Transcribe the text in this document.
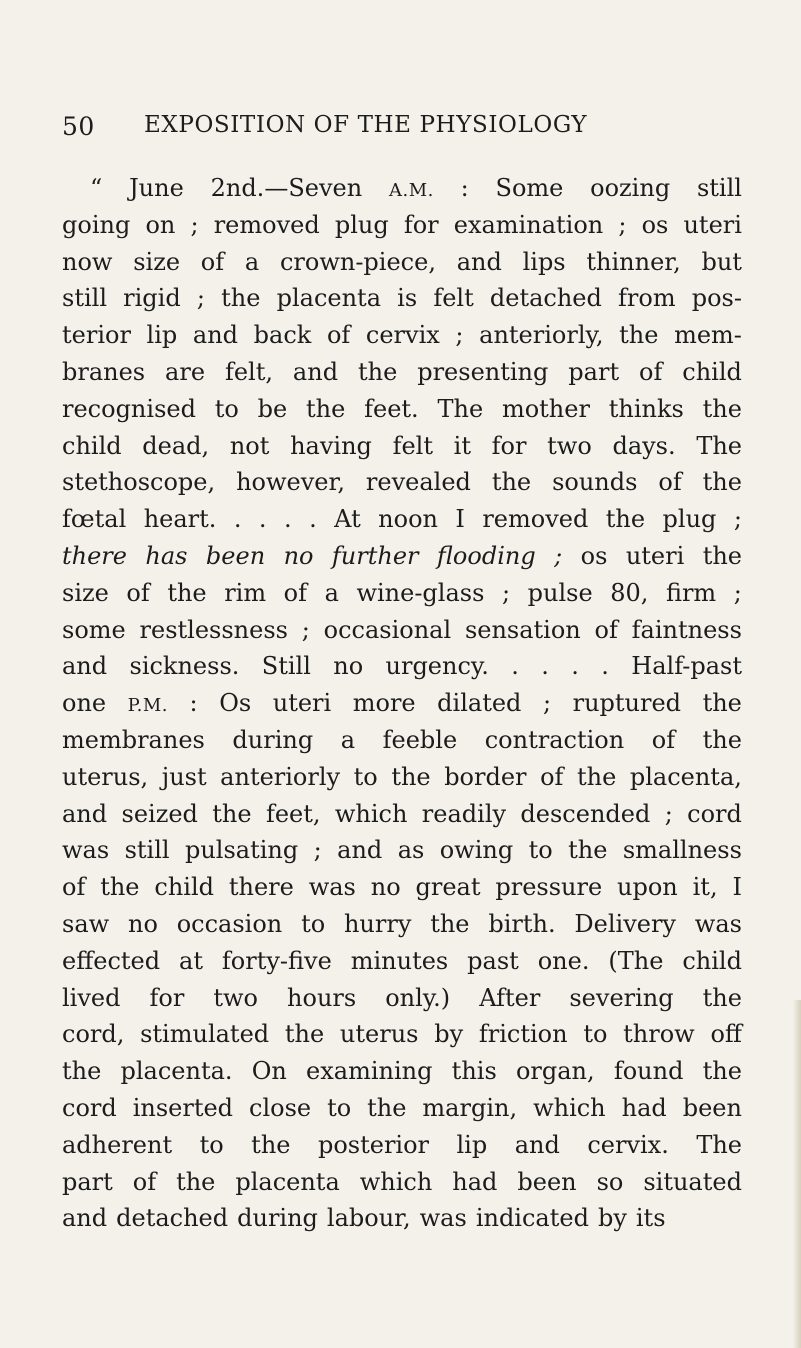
50 EXPOSITION OF THE PHYSIOLOGY
“ June 2nd.—Seven A.M. : Some oozing still
going on ; removed plug for examination ; os uteri
now size of a crown-piece, and lips thinner, but
still rigid ; the placenta is felt detached from pos-
terior lip and back of cervix ; anteriorly, the mem-
branes are felt, and the presenting part of child
recognised to be the feet. The mother thinks the
child dead, not having felt it for two days. The
stethoscope, however, revealed the sounds of the
fœtal heart. . . . . At noon I removed the plug ;
there has been no further flooding ; os uteri the
size of the rim of a wine-glass ; pulse 80, firm ;
some restlessness ; occasional sensation of faintness
and sickness. Still no urgency. . . . . Half-past
one P.M. : Os uteri more dilated ; ruptured the
membranes during a feeble contraction of the
uterus, just anteriorly to the border of the placenta,
and seized the feet, which readily descended ; cord
was still pulsating ; and as owing to the smallness
of the child there was no great pressure upon it, I
saw no occasion to hurry the birth. Delivery was
effected at forty-five minutes past one. (The child
lived for two hours only.) After severing the
cord, stimulated the uterus by friction to throw off
the placenta. On examining this organ, found the
cord inserted close to the margin, which had been
adherent to the posterior lip and cervix. The
part of the placenta which had been so situated
and detached during labour, was indicated by its
